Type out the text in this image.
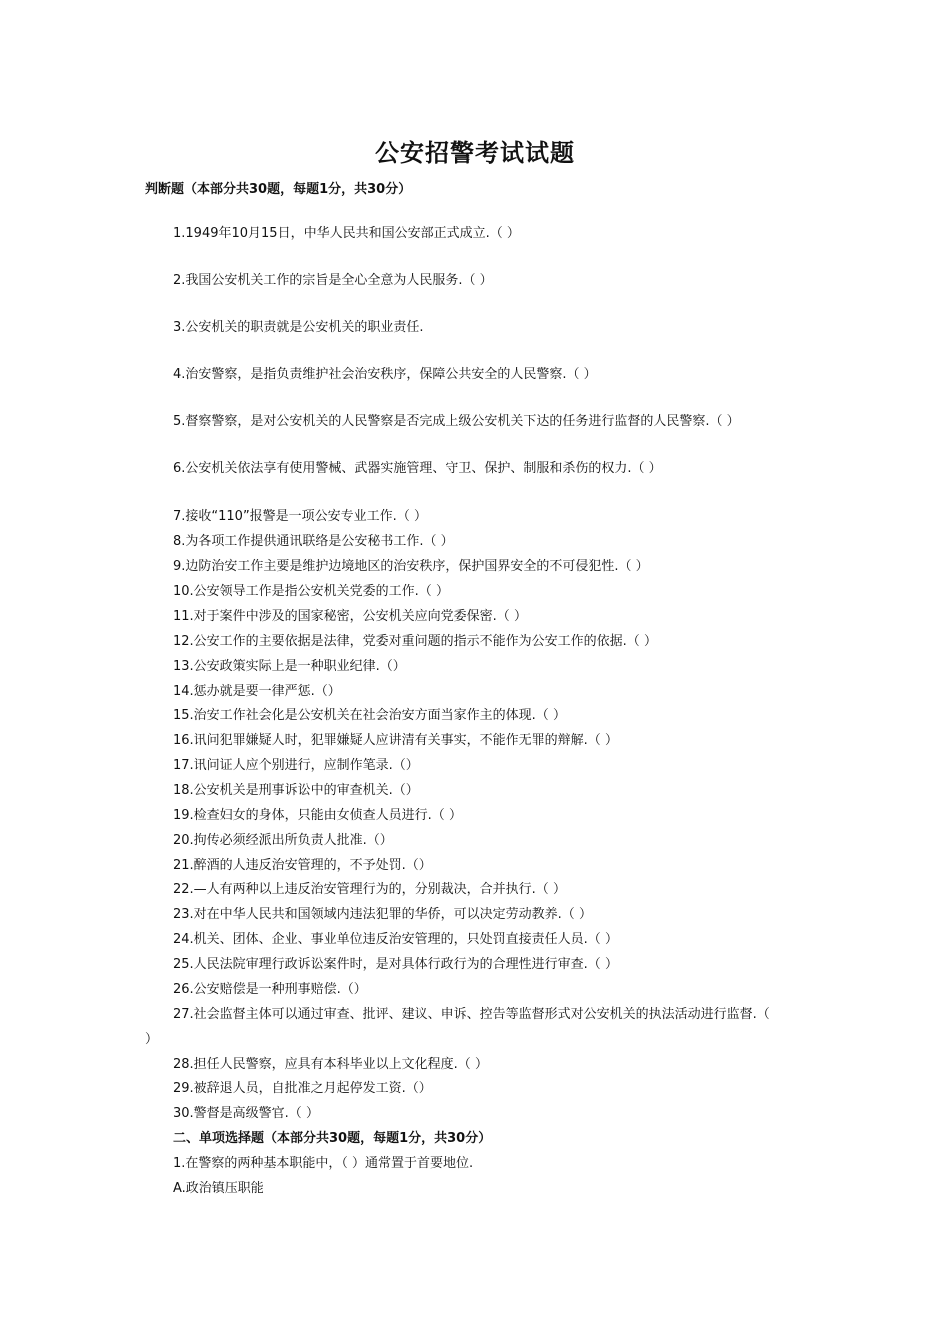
公安招警考试试题
判断题（本部分共30题，每题1分，共30分）
1.1949年10月15日，中华人民共和国公安部正式成立.（ ）
2.我国公安机关工作的宗旨是全心全意为人民服务.（ ）
3.公安机关的职责就是公安机关的职业责任.
4.治安警察，是指负责维护社会治安秩序，保障公共安全的人民警察.（ ）
5.督察警察，是对公安机关的人民警察是否完成上级公安机关下达的任务进行监督的人民警察.（ ）
6.公安机关依法享有使用警械、武器实施管理、守卫、保护、制服和杀伤的权力.（ ）
7.接收“110”报警是一项公安专业工作.（ ）
8.为各项工作提供通讯联络是公安秘书工作.（ ）
9.边防治安工作主要是维护边境地区的治安秩序，保护国界安全的不可侵犯性.（ ）
10.公安领导工作是指公安机关党委的工作.（ ）
11.对于案件中涉及的国家秘密，公安机关应向党委保密.（ ）
12.公安工作的主要依据是法律，党委对重问题的指示不能作为公安工作的依据.（ ）
13.公安政策实际上是一种职业纪律.（）
14.惩办就是要一律严惩.（）
15.治安工作社会化是公安机关在社会治安方面当家作主的体现.（ ）
16.讯问犯罪嫌疑人时，犯罪嫌疑人应讲清有关事实，不能作无罪的辩解.（ ）
17.讯问证人应个别进行，应制作笔录.（）
18.公安机关是刑事诉讼中的审查机关.（）
19.检查妇女的身体，只能由女侦查人员进行.（ ）
20.拘传必须经派出所负责人批准.（）
21.醉酒的人违反治安管理的，不予处罚.（）
22.—人有两种以上违反治安管理行为的，分别裁决，合并执行.（ ）
23.对在中华人民共和国领域内违法犯罪的华侨，可以决定劳动教养.（ ）
24.机关、团体、企业、事业单位违反治安管理的，只处罚直接责任人员.（ ）
25.人民法院审理行政诉讼案件时，是对具体行政行为的合理性进行审查.（ ）
26.公安赔偿是一种刑事赔偿.（）
27.社会监督主体可以通过审查、批评、建议、申诉、控告等监督形式对公安机关的执法活动进行监督.（
）
28.担任人民警察，应具有本科毕业以上文化程度.（ ）
29.被辞退人员，自批准之月起停发工资.（）
30.警督是高级警官.（ ）
二、单项选择题（本部分共30题，每题1分，共30分）
1.在警察的两种基本职能中，（ ）通常置于首要地位.
A.政治镇压职能
